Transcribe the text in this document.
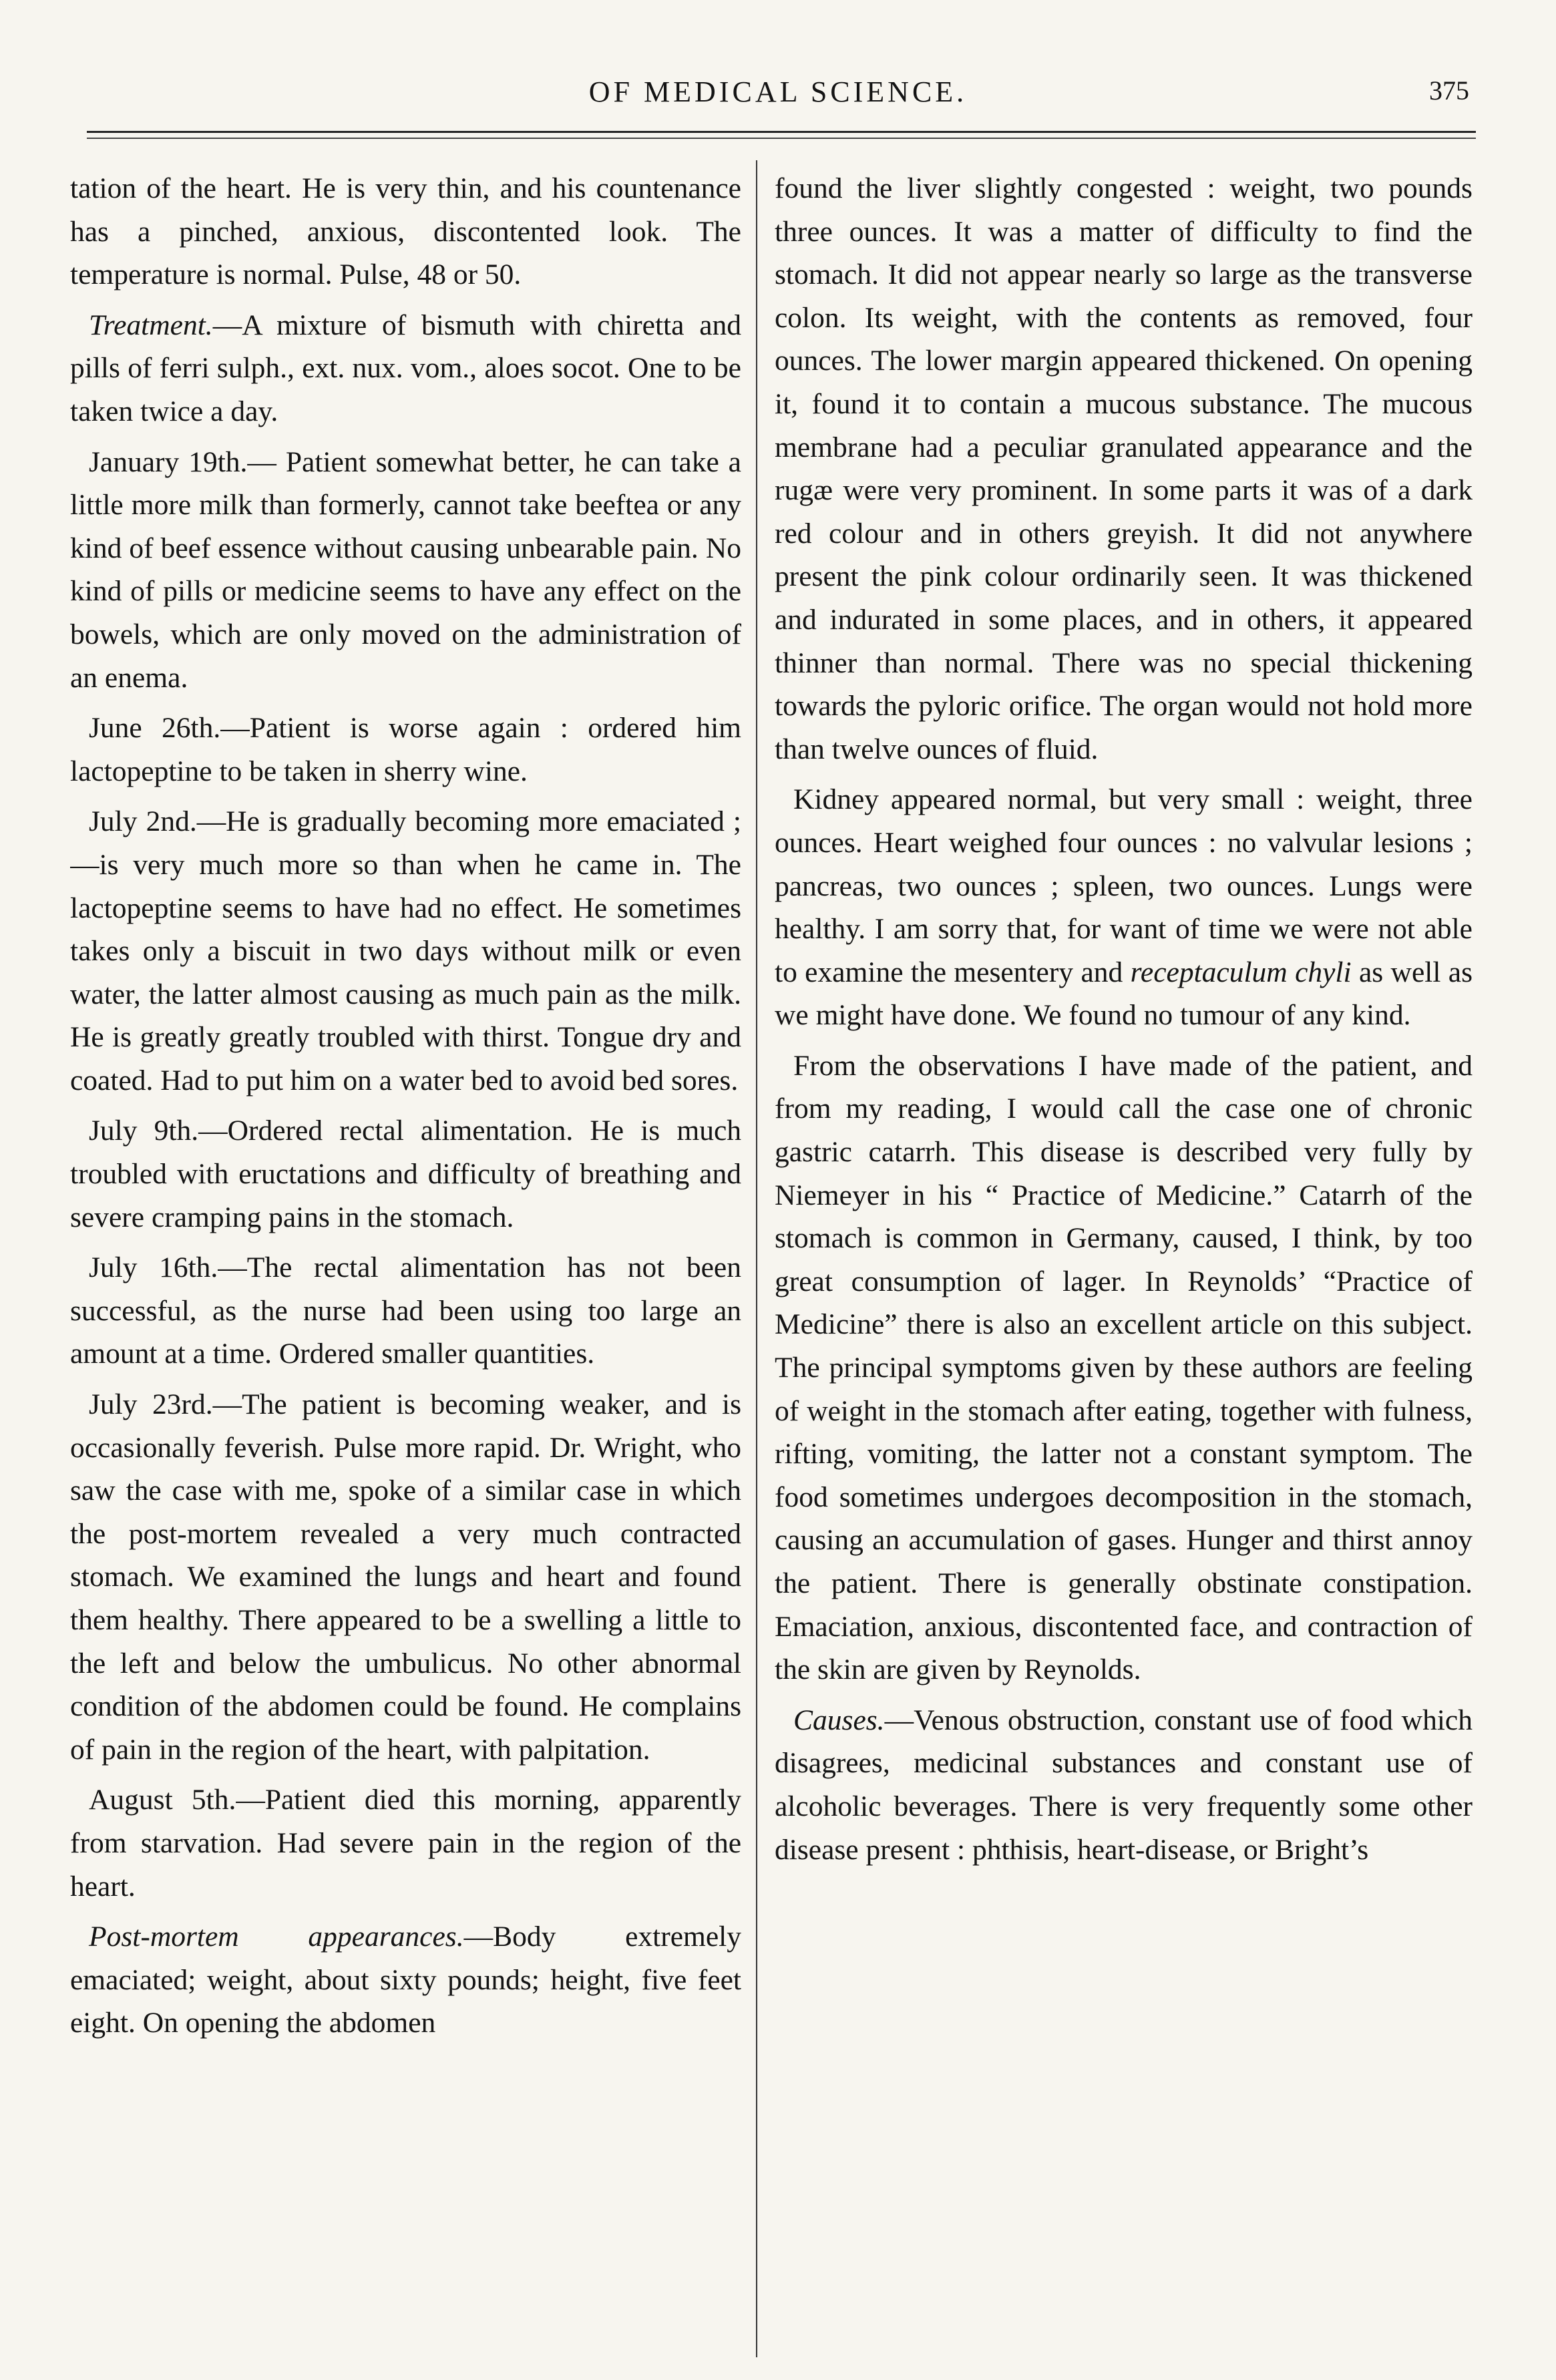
OF MEDICAL SCIENCE.	375

tation of the heart. He is very thin, and his countenance has a pinched, anxious, discontented look. The temperature is normal. Pulse, 48 or 50.

Treatment.—A mixture of bismuth with chiretta and pills of ferri sulph., ext. nux. vom., aloes socot. One to be taken twice a day.

January 19th.— Patient somewhat better, he can take a little more milk than formerly, cannot take beeftea or any kind of beef essence without causing unbearable pain. No kind of pills or medicine seems to have any effect on the bowels, which are only moved on the administration of an enema.

June 26th.—Patient is worse again : ordered him lactopeptine to be taken in sherry wine.

July 2nd.—He is gradually becoming more emaciated ;—is very much more so than when he came in. The lactopeptine seems to have had no effect. He sometimes takes only a biscuit in two days without milk or even water, the latter almost causing as much pain as the milk. He is greatly greatly troubled with thirst. Tongue dry and coated. Had to put him on a water bed to avoid bed sores.

July 9th.—Ordered rectal alimentation. He is much troubled with eructations and difficulty of breathing and severe cramping pains in the stomach.

July 16th.—The rectal alimentation has not been successful, as the nurse had been using too large an amount at a time. Ordered smaller quantities.

July 23rd.—The patient is becoming weaker, and is occasionally feverish. Pulse more rapid. Dr. Wright, who saw the case with me, spoke of a similar case in which the post-mortem revealed a very much contracted stomach. We examined the lungs and heart and found them healthy. There appeared to be a swelling a little to the left and below the umbulicus. No other abnormal condition of the abdomen could be found. He complains of pain in the region of the heart, with palpitation.

August 5th.—Patient died this morning, apparently from starvation. Had severe pain in the region of the heart.

Post-mortem appearances.—Body extremely emaciated; weight, about sixty pounds; height, five feet eight. On opening the abdomen

found the liver slightly congested : weight, two pounds three ounces. It was a matter of difficulty to find the stomach. It did not appear nearly so large as the transverse colon. Its weight, with the contents as removed, four ounces. The lower margin appeared thickened. On opening it, found it to contain a mucous substance. The mucous membrane had a peculiar granulated appearance and the rugæ were very prominent. In some parts it was of a dark red colour and in others greyish. It did not anywhere present the pink colour ordinarily seen. It was thickened and indurated in some places, and in others, it appeared thinner than normal. There was no special thickening towards the pyloric orifice. The organ would not hold more than twelve ounces of fluid.

Kidney appeared normal, but very small : weight, three ounces. Heart weighed four ounces : no valvular lesions ; pancreas, two ounces ; spleen, two ounces. Lungs were healthy. I am sorry that, for want of time we were not able to examine the mesentery and receptaculum chyli as well as we might have done. We found no tumour of any kind.

From the observations I have made of the patient, and from my reading, I would call the case one of chronic gastric catarrh. This disease is described very fully by Niemeyer in his “ Practice of Medicine.” Catarrh of the stomach is common in Germany, caused, I think, by too great consumption of lager. In Reynolds’ “Practice of Medicine” there is also an excellent article on this subject. The principal symptoms given by these authors are feeling of weight in the stomach after eating, together with fulness, rifting, vomiting, the latter not a constant symptom. The food sometimes undergoes decomposition in the stomach, causing an accumulation of gases. Hunger and thirst annoy the patient. There is generally obstinate constipation. Emaciation, anxious, discontented face, and contraction of the skin are given by Reynolds.

Causes.—Venous obstruction, constant use of food which disagrees, medicinal substances and constant use of alcoholic beverages. There is very frequently some other disease present : phthisis, heart-disease, or Bright’s
